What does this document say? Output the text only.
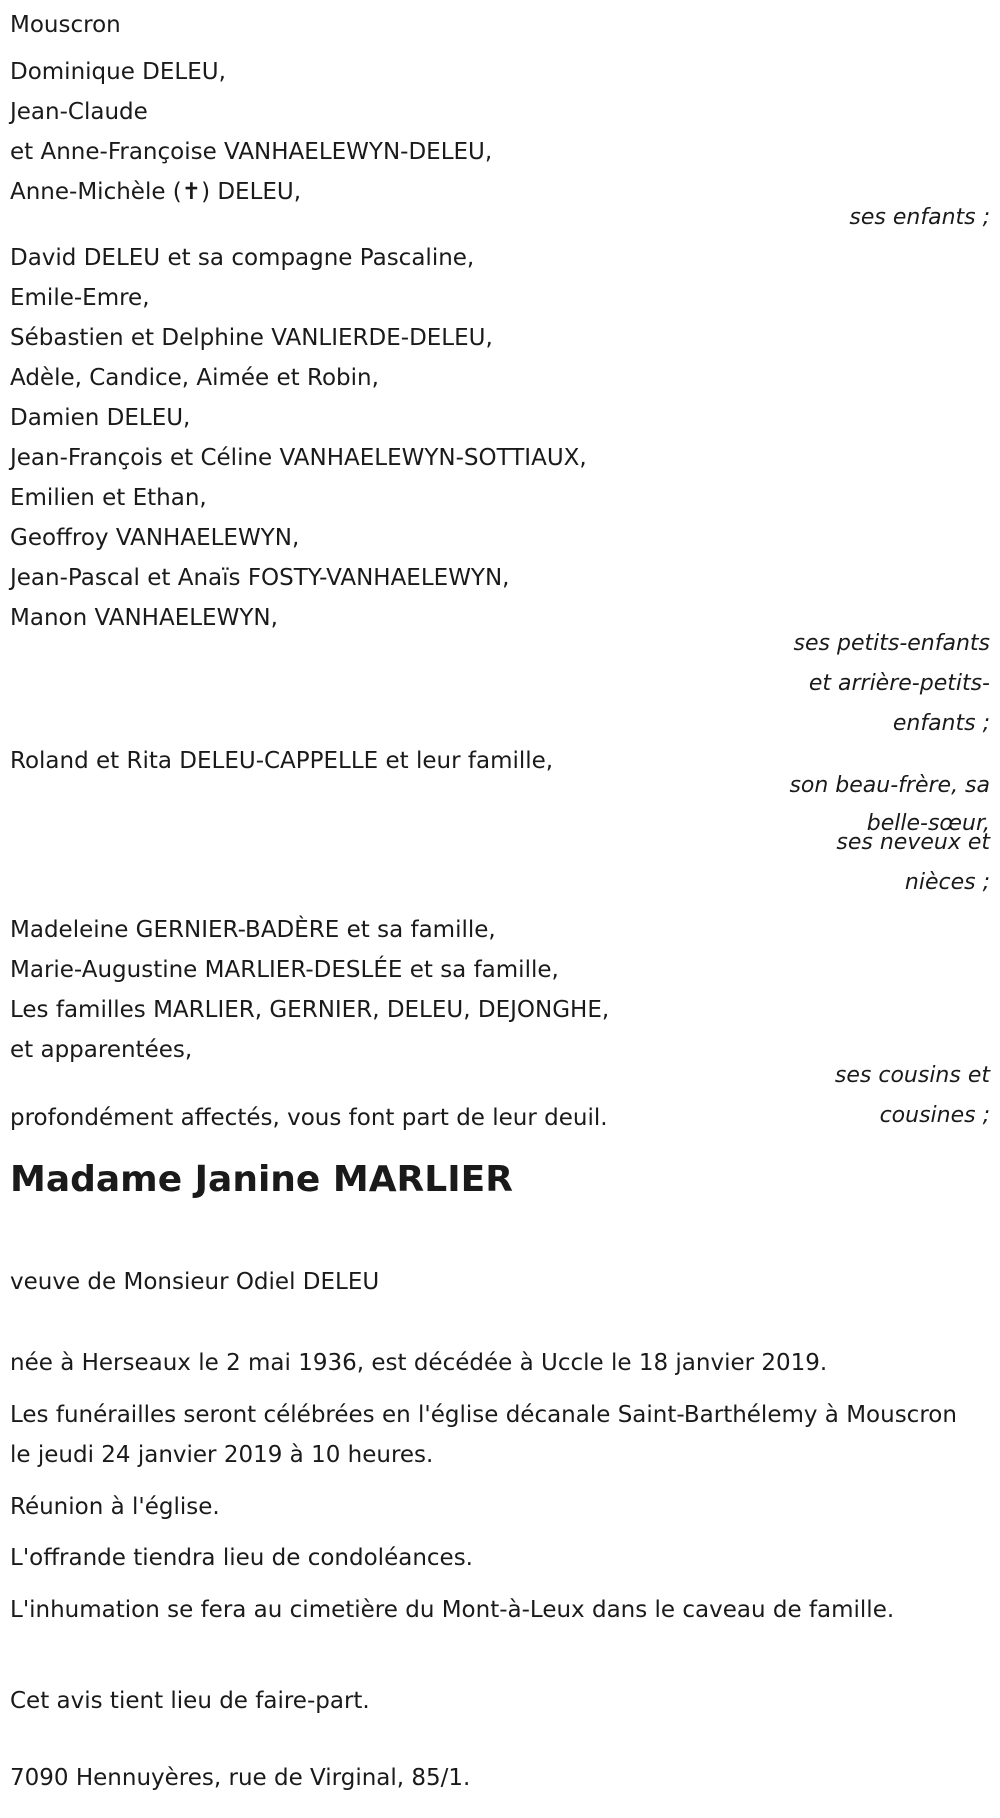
Mouscron
Dominique DELEU,
Jean-Claude
et Anne-Françoise VANHAELEWYN-DELEU,
Anne-Michèle (✝) DELEU,
ses enfants ;
David DELEU et sa compagne Pascaline,
Emile-Emre,
Sébastien et Delphine VANLIERDE-DELEU,
Adèle, Candice, Aimée et Robin,
Damien DELEU,
Jean-François et Céline VANHAELEWYN-SOTTIAUX,
Emilien et Ethan,
Geoffroy VANHAELEWYN,
Jean-Pascal et Anaïs FOSTY-VANHAELEWYN,
Manon VANHAELEWYN,
ses petits-enfants
et arrière-petits-
enfants ;
Roland et Rita DELEU-CAPPELLE et leur famille,
son beau-frère, sa
belle-sœur,
ses neveux et
nièces ;
Madeleine GERNIER-BADÈRE et sa famille,
Marie-Augustine MARLIER-DESLÉE et sa famille,
Les familles MARLIER, GERNIER, DELEU, DEJONGHE,
et apparentées,
ses cousins et
cousines ;
profondément affectés, vous font part de leur deuil.
Madame Janine MARLIER
veuve de Monsieur Odiel DELEU
née à Herseaux le 2 mai 1936, est décédée à Uccle le 18 janvier 2019.
Les funérailles seront célébrées en l'église décanale Saint-Barthélemy à Mouscron le jeudi 24 janvier 2019 à 10 heures.
Réunion à l'église.
L'offrande tiendra lieu de condoléances.
L'inhumation se fera au cimetière du Mont-à-Leux dans le caveau de famille.
Cet avis tient lieu de faire-part.
7090 Hennuyères, rue de Virginal, 85/1.
